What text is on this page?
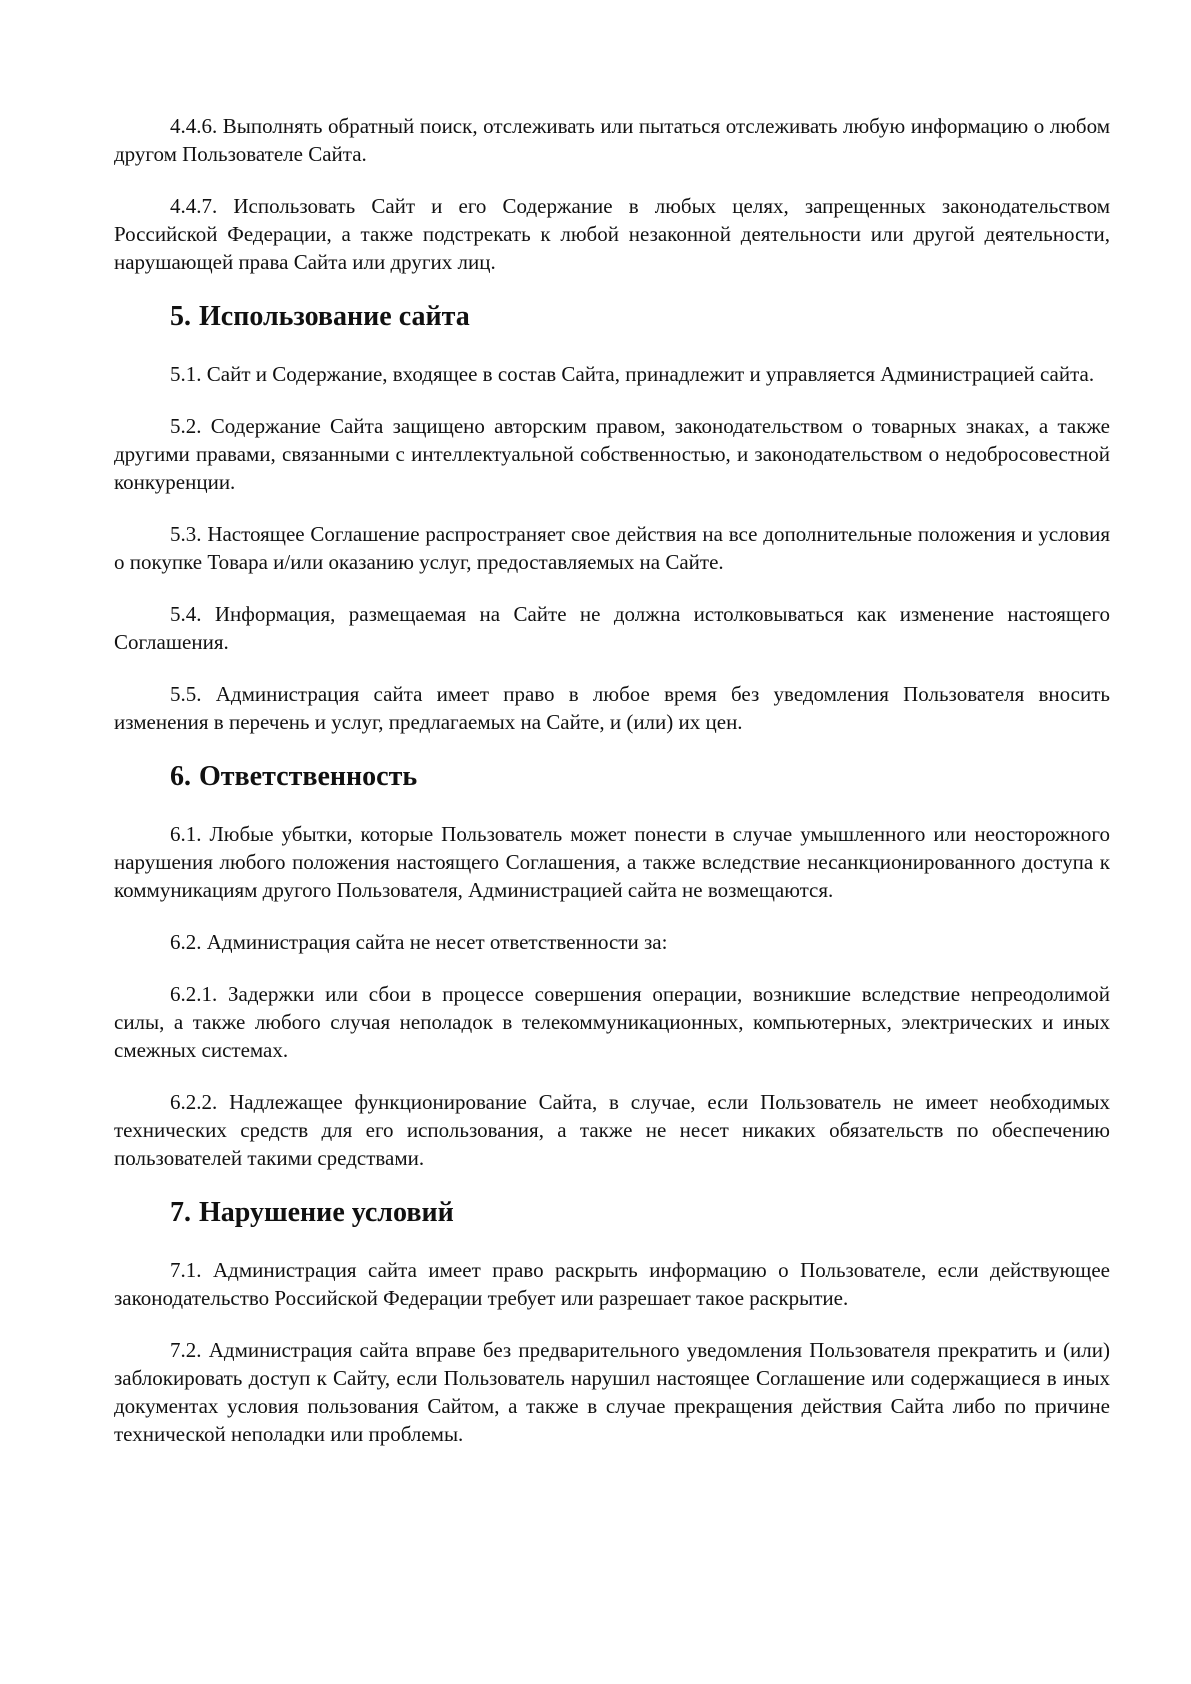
4.4.6. Выполнять обратный поиск, отслеживать или пытаться отслеживать любую информацию о любом другом Пользователе Сайта.

4.4.7. Использовать Сайт и его Содержание в любых целях, запрещенных законодательством Российской Федерации, а также подстрекать к любой незаконной деятельности или другой деятельности, нарушающей права Сайта или других лиц.

5. Использование сайта

5.1. Сайт и Содержание, входящее в состав Сайта, принадлежит и управляется Администрацией сайта.

5.2. Содержание Сайта защищено авторским правом, законодательством о товарных знаках, а также другими правами, связанными с интеллектуальной собственностью, и законодательством о недобросовестной конкуренции.

5.3. Настоящее Соглашение распространяет свое действия на все дополнительные положения и условия о покупке Товара и/или оказанию услуг, предоставляемых на Сайте.

5.4. Информация, размещаемая на Сайте не должна истолковываться как изменение настоящего Соглашения.

5.5. Администрация сайта имеет право в любое время без уведомления Пользователя вносить изменения в перечень и услуг, предлагаемых на Сайте, и (или) их цен.

6. Ответственность

6.1. Любые убытки, которые Пользователь может понести в случае умышленного или неосторожного нарушения любого положения настоящего Соглашения, а также вследствие несанкционированного доступа к коммуникациям другого Пользователя, Администрацией сайта не возмещаются.

6.2. Администрация сайта не несет ответственности за:

6.2.1. Задержки или сбои в процессе совершения операции, возникшие вследствие непреодолимой силы, а также любого случая неполадок в телекоммуникационных, компьютерных, электрических и иных смежных системах.

6.2.2. Надлежащее функционирование Сайта, в случае, если Пользователь не имеет необходимых технических средств для его использования, а также не несет никаких обязательств по обеспечению пользователей такими средствами.

7. Нарушение условий

7.1. Администрация сайта имеет право раскрыть информацию о Пользователе, если действующее законодательство Российской Федерации требует или разрешает такое раскрытие.

7.2. Администрация сайта вправе без предварительного уведомления Пользователя прекратить и (или) заблокировать доступ к Сайту, если Пользователь нарушил настоящее Соглашение или содержащиеся в иных документах условия пользования Сайтом, а также в случае прекращения действия Сайта либо по причине технической неполадки или проблемы.
